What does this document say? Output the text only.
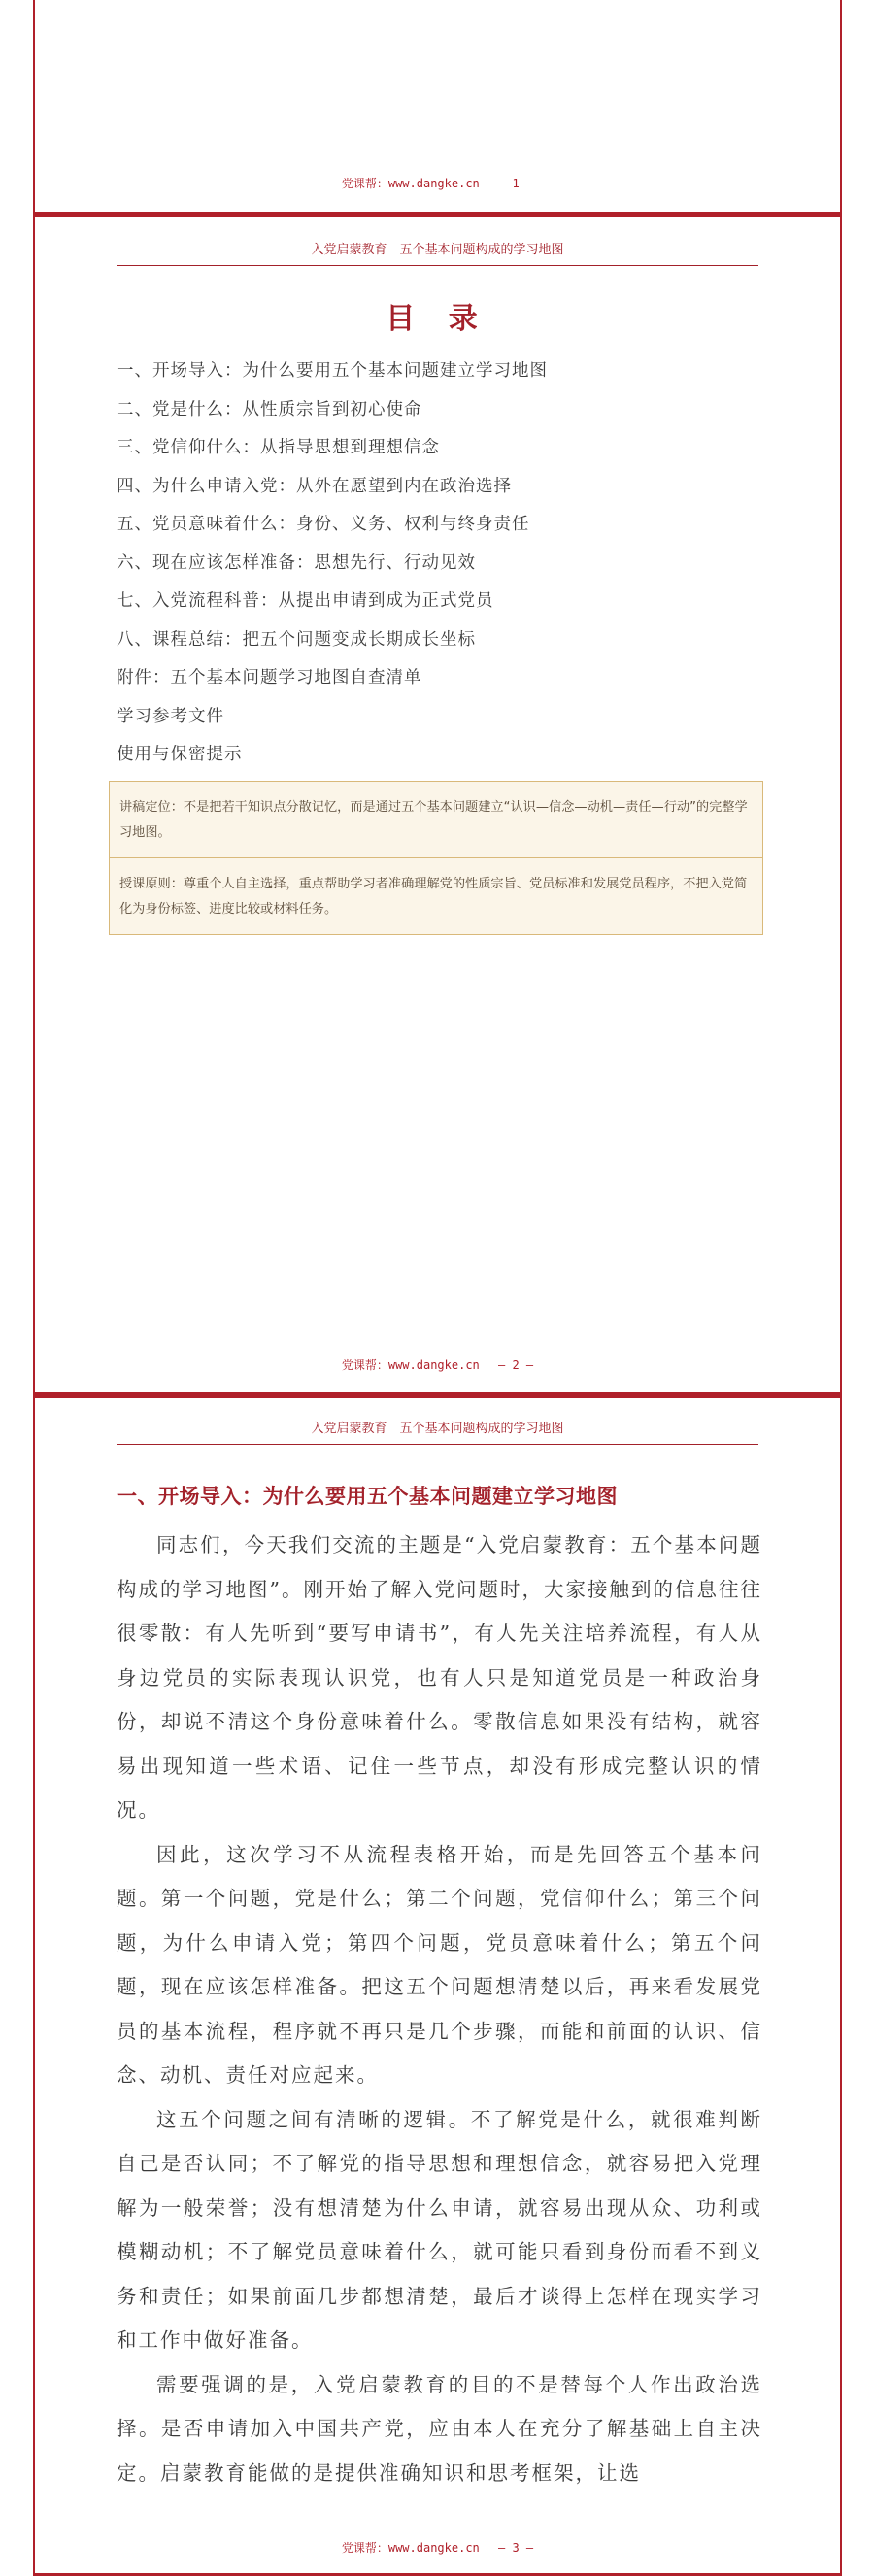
党课帮：www.dangke.cn — 1 —
入党启蒙教育　五个基本问题构成的学习地图
目 录
一、开场导入：为什么要用五个基本问题建立学习地图
二、党是什么：从性质宗旨到初心使命
三、党信仰什么：从指导思想到理想信念
四、为什么申请入党：从外在愿望到内在政治选择
五、党员意味着什么：身份、义务、权利与终身责任
六、现在应该怎样准备：思想先行、行动见效
七、入党流程科普：从提出申请到成为正式党员
八、课程总结：把五个问题变成长期成长坐标
附件：五个基本问题学习地图自查清单
学习参考文件
使用与保密提示
讲稿定位：不是把若干知识点分散记忆，而是通过五个基本问题建立“认识—信念—动机—责任—行动”的完整学习地图。
授课原则：尊重个人自主选择，重点帮助学习者准确理解党的性质宗旨、党员标准和发展党员程序，不把入党简化为身份标签、进度比较或材料任务。
党课帮：www.dangke.cn — 2 —
入党启蒙教育　五个基本问题构成的学习地图
一、开场导入：为什么要用五个基本问题建立学习地图

同志们，今天我们交流的主题是“入党启蒙教育：五个基本问题构成的学习地图”。刚开始了解入党问题时，大家接触到的信息往往很零散：有人先听到“要写申请书”，有人先关注培养流程，有人从身边党员的实际表现认识党，也有人只是知道党员是一种政治身份，却说不清这个身份意味着什么。零散信息如果没有结构，就容易出现知道一些术语、记住一些节点，却没有形成完整认识的情况。

因此，这次学习不从流程表格开始，而是先回答五个基本问题。第一个问题，党是什么；第二个问题，党信仰什么；第三个问题，为什么申请入党；第四个问题，党员意味着什么；第五个问题，现在应该怎样准备。把这五个问题想清楚以后，再来看发展党员的基本流程，程序就不再只是几个步骤，而能和前面的认识、信念、动机、责任对应起来。

这五个问题之间有清晰的逻辑。不了解党是什么，就很难判断自己是否认同；不了解党的指导思想和理想信念，就容易把入党理解为一般荣誉；没有想清楚为什么申请，就容易出现从众、功利或模糊动机；不了解党员意味着什么，就可能只看到身份而看不到义务和责任；如果前面几步都想清楚，最后才谈得上怎样在现实学习和工作中做好准备。

需要强调的是，入党启蒙教育的目的不是替每个人作出政治选择。是否申请加入中国共产党，应由本人在充分了解基础上自主决定。启蒙教育能做的是提供准确知识和思考框架，让选

党课帮：www.dangke.cn — 3 —
